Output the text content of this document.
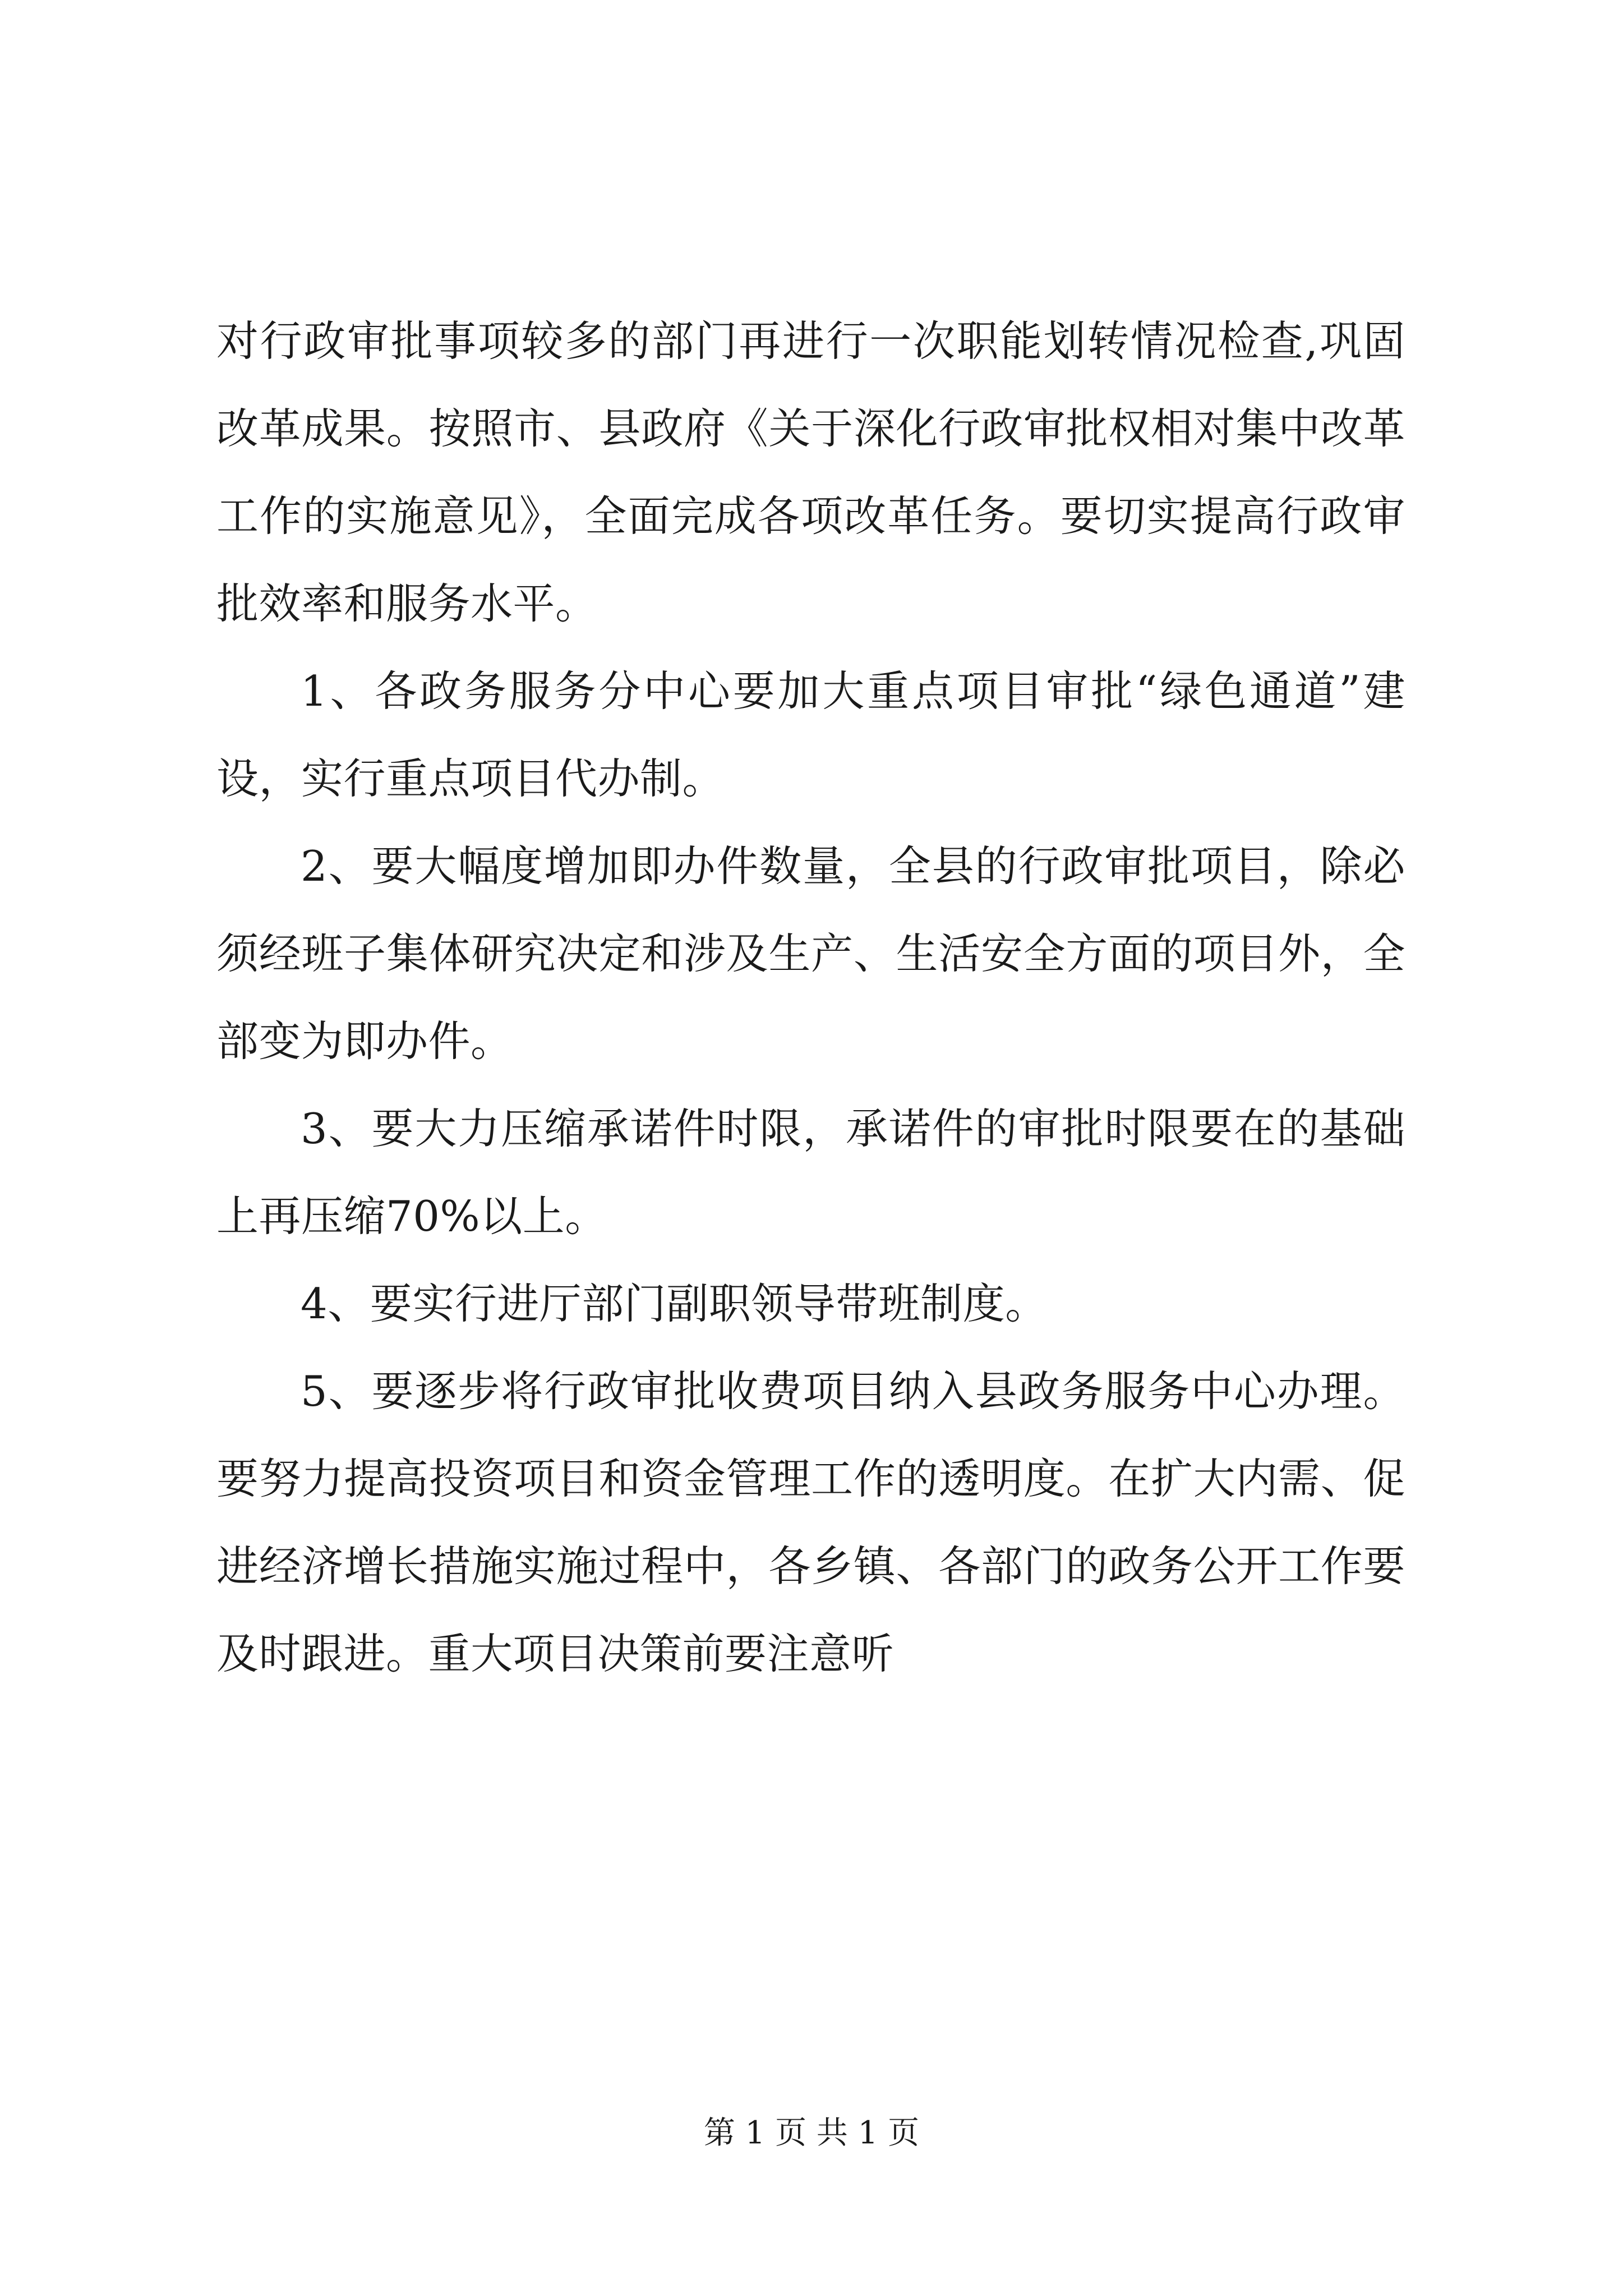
对行政审批事项较多的部门再进行一次职能划转情况检查,巩固改革成果。按照市、县政府《关于深化行政审批权相对集中改革工作的实施意见》，全面完成各项改革任务。要切实提高行政审批效率和服务水平。

1、各政务服务分中心要加大重点项目审批“绿色通道”建设，实行重点项目代办制。

2、要大幅度增加即办件数量，全县的行政审批项目，除必须经班子集体研究决定和涉及生产、生活安全方面的项目外，全部变为即办件。

3、要大力压缩承诺件时限，承诺件的审批时限要在的基础上再压缩70%以上。

4、要实行进厅部门副职领导带班制度。

5、要逐步将行政审批收费项目纳入县政务服务中心办理。要努力提高投资项目和资金管理工作的透明度。在扩大内需、促进经济增长措施实施过程中，各乡镇、各部门的政务公开工作要及时跟进。重大项目决策前要注意听

第 1 页 共 1 页
